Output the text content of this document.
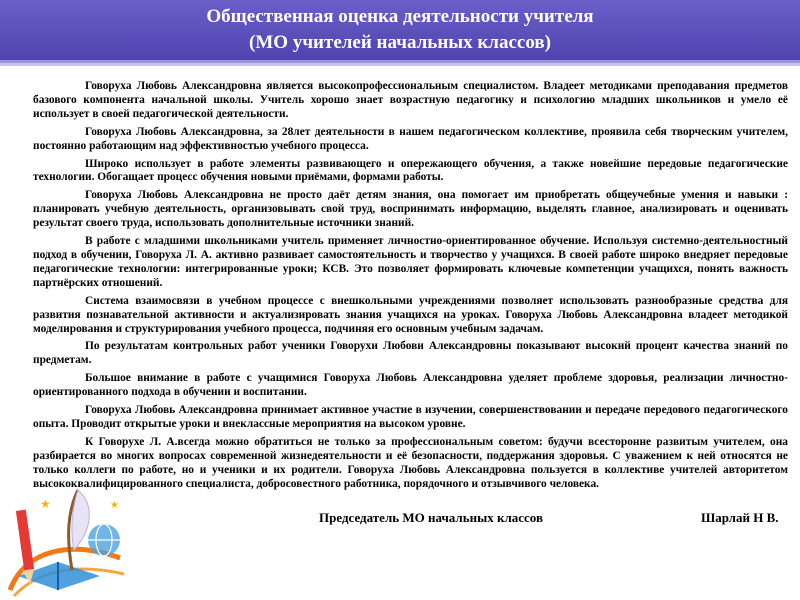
Общественная оценка деятельности учителя
(МО учителей начальных классов)

Говоруха Любовь Александровна является высокопрофессиональным специалистом. Владеет методиками преподавания предметов базового компонента начальной школы. Учитель хорошо знает возрастную педагогику и психологию младших школьников и умело её использует в своей педагогической деятельности.

Говоруха Любовь Александровна, за 28лет деятельности в нашем педагогическом коллективе, проявила себя творческим учителем, постоянно работающим над эффективностью учебного процесса.

Широко использует в работе элементы развивающего и опережающего обучения, а также новейшие передовые педагогические технологии. Обогащает процесс обучения новыми приёмами, формами работы.

Говоруха Любовь Александровна не просто даёт детям знания, она помогает им приобретать общеучебные умения и навыки : планировать учебную деятельность, организовывать свой труд, воспринимать информацию, выделять главное, анализировать и оценивать результат своего труда, использовать дополнительные источники знаний.

В работе с младшими школьниками учитель применяет личностно-ориентированное обучение. Используя системно-деятельностный подход в обучении, Говоруха Л. А. активно развивает самостоятельность и творчество у учащихся. В своей работе широко внедряет передовые педагогические технологии: интегрированные уроки; КСВ. Это позволяет формировать ключевые компетенции учащихся, понять важность партнёрских отношений.

Система взаимосвязи в учебном процессе с внешкольными учреждениями позволяет использовать разнообразные средства для развития познавательной активности и актуализировать знания учащихся на уроках. Говоруха Любовь Александровна владеет методикой моделирования и структурирования учебного процесса, подчиняя его основным учебным задачам.

По результатам контрольных работ ученики Говорухи Любови Александровны показывают высокий процент качества знаний по предметам.

Большое внимание в работе с учащимися Говоруха Любовь Александровна уделяет проблеме здоровья, реализации личностно-ориентированного подхода в обучении и воспитании.

Говоруха Любовь Александровна принимает активное участие в изучении, совершенствовании и передаче передового педагогического опыта. Проводит открытые уроки и внеклассные мероприятия на высоком уровне.

К Говорухе Л. А.всегда можно обратиться не только за профессиональным советом: будучи всесторонне развитым учителем, она разбирается во многих вопросах современной жизнедеятельности и её безопасности, поддержания здоровья. С уважением к ней относятся не только коллеги по работе, но и ученики и их родители. Говоруха Любовь Александровна пользуется в коллективе учителей авторитетом высококвалифицированного специалиста, добросовестного работника, порядочного и отзывчивого человека.

Председатель МО начальных классов	Шарлай Н В.
★	★
